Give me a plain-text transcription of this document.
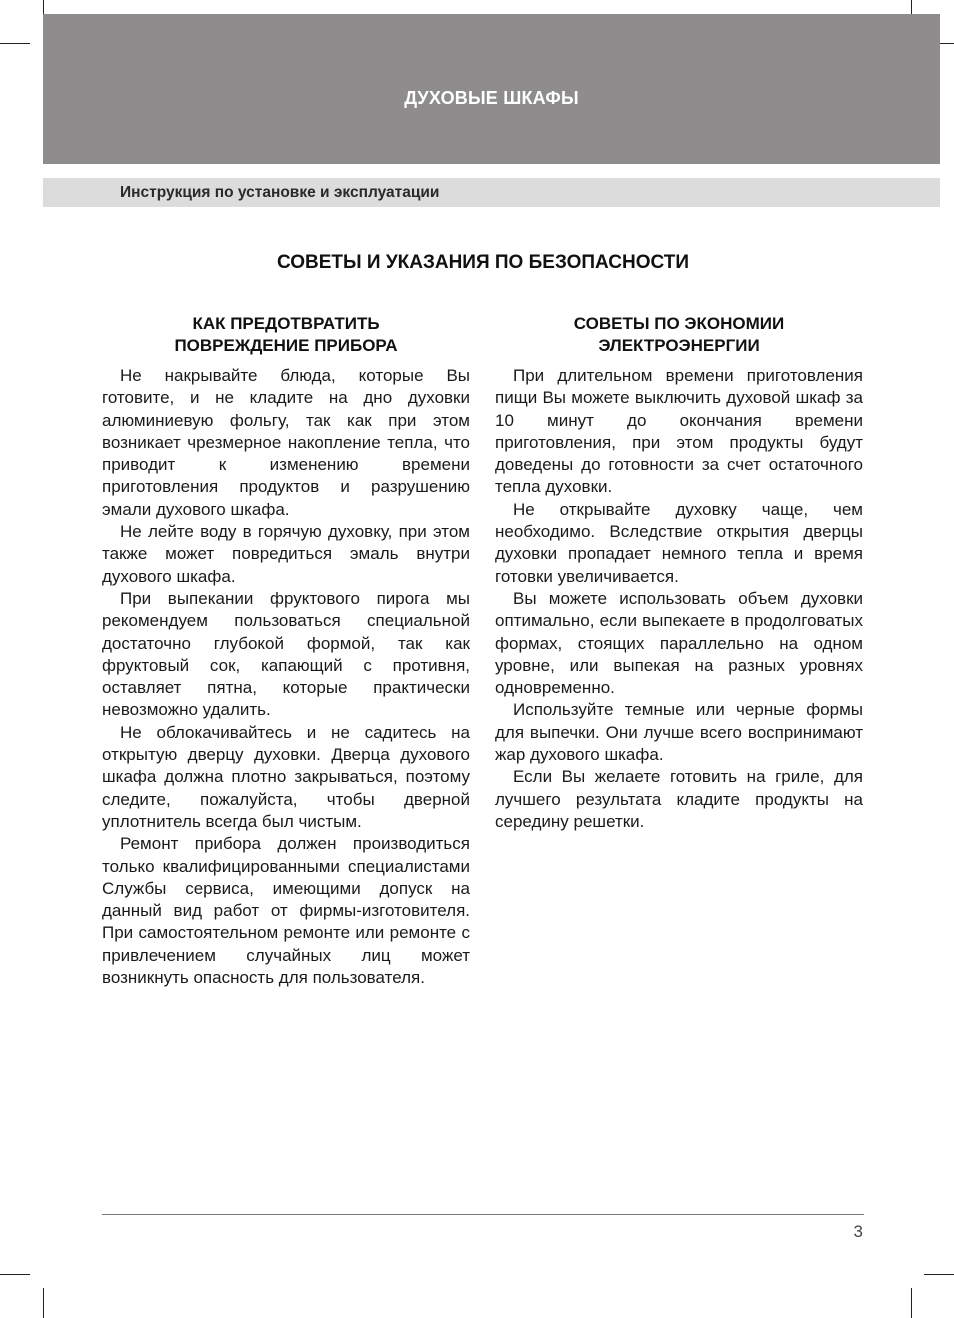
ДУХОВЫЕ ШКАФЫ
Инструкция по установке и эксплуатации
СОВЕТЫ И УКАЗАНИЯ ПО БЕЗОПАСНОСТИ
КАК ПРЕДОТВРАТИТЬ
ПОВРЕЖДЕНИЕ ПРИБОРА

Не накрывайте блюда, которые Вы готовите, и не кладите на дно духовки алюминиевую фольгу, так как при этом возникает чрезмерное накопление тепла, что приводит к изменению времени приготовления продуктов и разрушению эмали духового шкафа.

Не лейте воду в горячую духовку, при этом также может повредиться эмаль внутри духового шкафа.

При выпекании фруктового пирога мы рекомендуем пользоваться специальной достаточно глубокой формой, так как фруктовый сок, капающий с противня, оставляет пятна, которые практически невозможно удалить.

Не облокачивайтесь и не садитесь на открытую дверцу духовки. Дверца духового шкафа должна плотно закрываться, поэтому следите, пожалуйста, чтобы дверной уплотнитель всегда был чистым.

Ремонт прибора должен производиться только квалифицированными специалистами Службы сервиса, имеющими допуск на данный вид работ от фирмы-изготовителя. При самостоятельном ремонте или ремонте с привлечением случайных лиц может возникнуть опасность для пользователя.

СОВЕТЫ ПО ЭКОНОМИИ
ЭЛЕКТРОЭНЕРГИИ

При длительном времени приготовления пищи Вы можете выключить духовой шкаф за 10 минут до окончания времени приготовления, при этом продукты будут доведены до готовности за счет остаточного тепла духовки.

Не открывайте духовку чаще, чем необходимо. Вследствие открытия дверцы духовки пропадает немного тепла и время готовки увеличивается.

Вы можете использовать объем духовки оптимально, если выпекаете в продолговатых формах, стоящих параллельно на одном уровне, или выпекая на разных уровнях одновременно.

Используйте темные или черные формы для выпечки. Они лучше всего воспринимают жар духового шкафа.

Если Вы желаете готовить на гриле, для лучшего результата кладите продукты на середину решетки.

3
